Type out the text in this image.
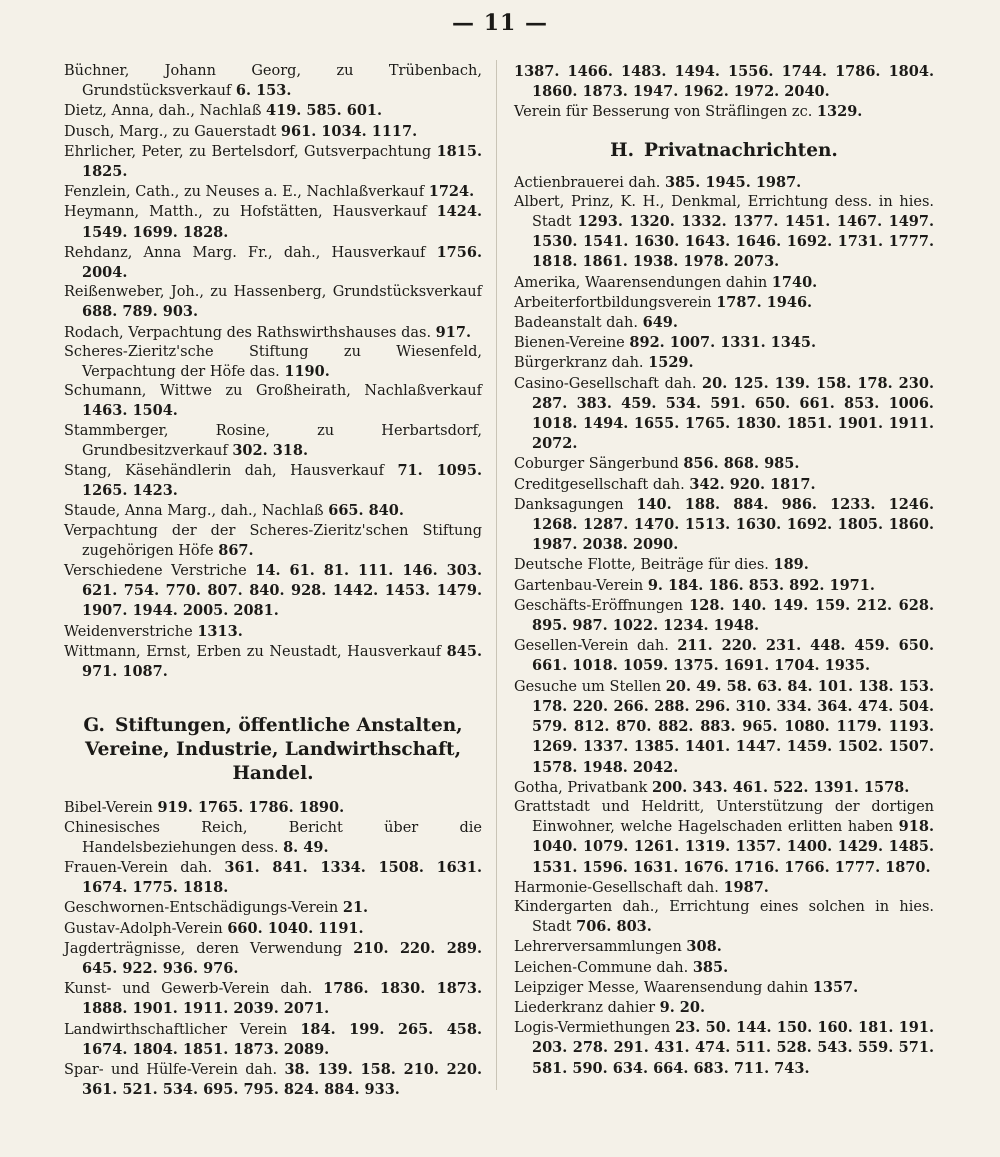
— 11 —
Büchner, Johann Georg, zu Trübenbach, Grundstücksverkauf 6. 153.
Dietz, Anna, dah., Nachlaß 419. 585. 601.
Dusch, Marg., zu Gauerstadt 961. 1034. 1117.
Ehrlicher, Peter, zu Bertelsdorf, Gutsverpachtung 1815. 1825.
Fenzlein, Cath., zu Neuses a. E., Nachlaßverkauf 1724.
Heymann, Matth., zu Hofstätten, Hausverkauf 1424. 1549. 1699. 1828.
Rehdanz, Anna Marg. Fr., dah., Hausverkauf 1756. 2004.
Reißenweber, Joh., zu Hassenberg, Grundstücksverkauf 688. 789. 903.
Rodach, Verpachtung des Rathswirthshauses das. 917.
Scheres-Zieritz'sche Stiftung zu Wiesenfeld, Verpachtung der Höfe das. 1190.
Schumann, Wittwe zu Großheirath, Nachlaßverkauf 1463. 1504.
Stammberger, Rosine, zu Herbartsdorf, Grundbesitzverkauf 302. 318.
Stang, Käsehändlerin dah, Hausverkauf 71. 1095. 1265. 1423.
Staude, Anna Marg., dah., Nachlaß 665. 840.
Verpachtung der der Scheres-Zieritz'schen Stiftung zugehörigen Höfe 867.
Verschiedene Verstriche 14. 61. 81. 111. 146. 303. 621. 754. 770. 807. 840. 928. 1442. 1453. 1479. 1907. 1944. 2005. 2081.
Weidenverstriche 1313.
Wittmann, Ernst, Erben zu Neustadt, Hausverkauf 845. 971. 1087.
G. Stiftungen, öffentliche Anstalten, Vereine, Industrie, Landwirthschaft, Handel.
Bibel-Verein 919. 1765. 1786. 1890.
Chinesisches Reich, Bericht über die Handelsbeziehungen dess. 8. 49.
Frauen-Verein dah. 361. 841. 1334. 1508. 1631. 1674. 1775. 1818.
Geschwornen-Entschädigungs-Verein 21.
Gustav-Adolph-Verein 660. 1040. 1191.
Jagderträgnisse, deren Verwendung 210. 220. 289. 645. 922. 936. 976.
Kunst- und Gewerb-Verein dah. 1786. 1830. 1873. 1888. 1901. 1911. 2039. 2071.
Landwirthschaftlicher Verein 184. 199. 265. 458. 1674. 1804. 1851. 1873. 2089.
Spar- und Hülfe-Verein dah. 38. 139. 158. 210. 220. 361. 521. 534. 695. 795. 824. 884. 933.
1387. 1466. 1483. 1494. 1556. 1744. 1786. 1804. 1860. 1873. 1947. 1962. 1972. 2040.
Verein für Besserung von Sträflingen zc. 1329.
H. Privatnachrichten.
Actienbrauerei dah. 385. 1945. 1987.
Albert, Prinz, K. H., Denkmal, Errichtung dess. in hies. Stadt 1293. 1320. 1332. 1377. 1451. 1467. 1497. 1530. 1541. 1630. 1643. 1646. 1692. 1731. 1777. 1818. 1861. 1938. 1978. 2073.
Amerika, Waarensendungen dahin 1740.
Arbeiterfortbildungsverein 1787. 1946.
Badeanstalt dah. 649.
Bienen-Vereine 892. 1007. 1331. 1345.
Bürgerkranz dah. 1529.
Casino-Gesellschaft dah. 20. 125. 139. 158. 178. 230. 287. 383. 459. 534. 591. 650. 661. 853. 1006. 1018. 1494. 1655. 1765. 1830. 1851. 1901. 1911. 2072.
Coburger Sängerbund 856. 868. 985.
Creditgesellschaft dah. 342. 920. 1817.
Danksagungen 140. 188. 884. 986. 1233. 1246. 1268. 1287. 1470. 1513. 1630. 1692. 1805. 1860. 1987. 2038. 2090.
Deutsche Flotte, Beiträge für dies. 189.
Gartenbau-Verein 9. 184. 186. 853. 892. 1971.
Geschäfts-Eröffnungen 128. 140. 149. 159. 212. 628. 895. 987. 1022. 1234. 1948.
Gesellen-Verein dah. 211. 220. 231. 448. 459. 650. 661. 1018. 1059. 1375. 1691. 1704. 1935.
Gesuche um Stellen 20. 49. 58. 63. 84. 101. 138. 153. 178. 220. 266. 288. 296. 310. 334. 364. 474. 504. 579. 812. 870. 882. 883. 965. 1080. 1179. 1193. 1269. 1337. 1385. 1401. 1447. 1459. 1502. 1507. 1578. 1948. 2042.
Gotha, Privatbank 200. 343. 461. 522. 1391. 1578.
Grattstadt und Heldritt, Unterstützung der dortigen Einwohner, welche Hagelschaden erlitten haben 918. 1040. 1079. 1261. 1319. 1357. 1400. 1429. 1485. 1531. 1596. 1631. 1676. 1716. 1766. 1777. 1870.
Harmonie-Gesellschaft dah. 1987.
Kindergarten dah., Errichtung eines solchen in hies. Stadt 706. 803.
Lehrerversammlungen 308.
Leichen-Commune dah. 385.
Leipziger Messe, Waarensendung dahin 1357.
Liederkranz dahier 9. 20.
Logis-Vermiethungen 23. 50. 144. 150. 160. 181. 191. 203. 278. 291. 431. 474. 511. 528. 543. 559. 571. 581. 590. 634. 664. 683. 711. 743.
